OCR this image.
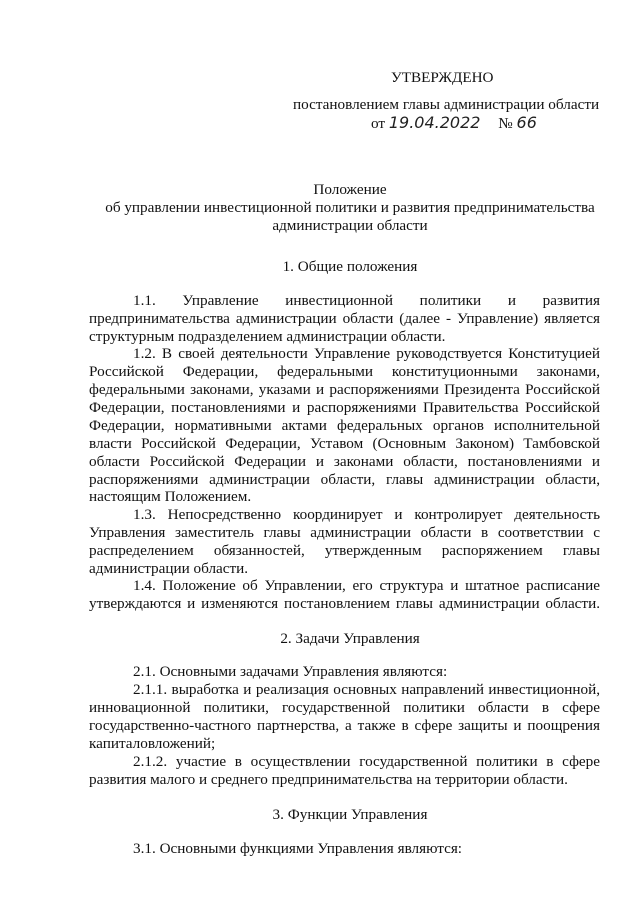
УТВЕРЖДЕНО
постановлением главы администрации области
от 19.04.2022 № 66
Положение
об управлении инвестиционной политики и развития предпринимательства
администрации области
1. Общие положения
1.1. Управление инвестиционной политики и развития
предпринимательства администрации области (далее - Управление) является
структурным подразделением администрации области.
1.2. В своей деятельности Управление руководствуется Конституцией
Российской Федерации, федеральными конституционными законами,
федеральными законами, указами и распоряжениями Президента Российской
Федерации, постановлениями и распоряжениями Правительства Российской
Федерации, нормативными актами федеральных органов исполнительной
власти Российской Федерации, Уставом (Основным Законом) Тамбовской
области Российской Федерации и законами области, постановлениями и
распоряжениями администрации области, главы администрации области,
настоящим Положением.
1.3. Непосредственно координирует и контролирует деятельность
Управления заместитель главы администрации области в соответствии с
распределением обязанностей, утвержденным распоряжением главы
администрации области.
1.4. Положение об Управлении, его структура и штатное расписание
утверждаются и изменяются постановлением главы администрации области.
2. Задачи Управления
2.1. Основными задачами Управления являются:
2.1.1. выработка и реализация основных направлений инвестиционной,
инновационной политики, государственной политики области в сфере
государственно-частного партнерства, а также в сфере защиты и поощрения
капиталовложений;
2.1.2. участие в осуществлении государственной политики в сфере
развития малого и среднего предпринимательства на территории области.
3. Функции Управления
3.1. Основными функциями Управления являются:
